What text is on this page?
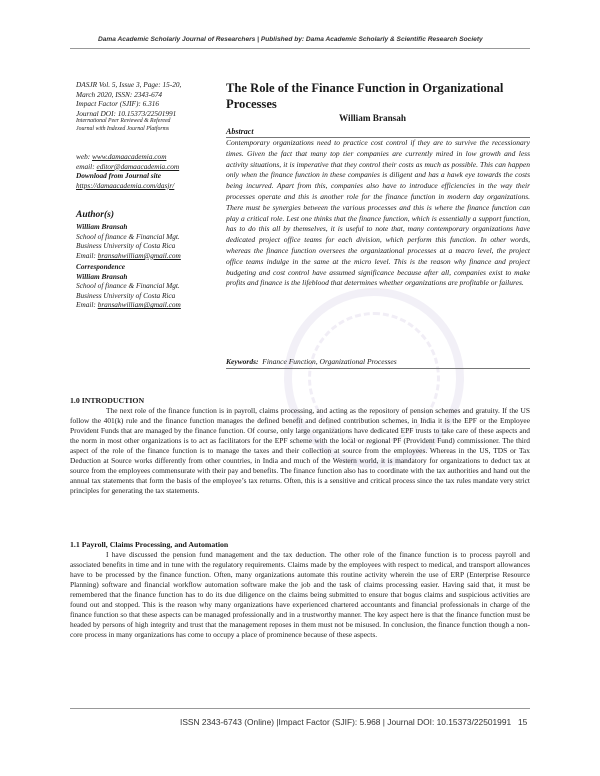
Dama Academic Scholarly Journal of Researchers | Published by: Dama Academic Scholarly & Scientific Research Society
DASJR Vol. 5, Issue 3, Page: 15-20,
March 2020, ISSN: 2343-674
Impact Factor (SJIF): 6.316
Journal DOI: 10.15373/22501991
International Peer Reviewed & Refereed
Journal with Indexed Journal Platforms
web: www.damaacademia.com
email: editor@damaacademia.com
Download from Journal site
https://damaacademia.com/dasjr/
Author(s)
William Bransah
School of finance & Financial Mgt.
Business University of Costa Rica
Email: bransahwilliam@gmail.com
Correspondence
William Bransah
School of finance & Financial Mgt.
Business University of Costa Rica
Email: bransahwilliam@gmail.com
The Role of the Finance Function in Organizational Processes
William Bransah
Abstract
Contemporary organizations need to practice cost control if they are to survive the recessionary times. Given the fact that many top tier companies are currently mired in low growth and less activity situations, it is imperative that they control their costs as much as possible. This can happen only when the finance function in these companies is diligent and has a hawk eye towards the costs being incurred. Apart from this, companies also have to introduce efficiencies in the way their processes operate and this is another role for the finance function in modern day organizations. There must be synergies between the various processes and this is where the finance function can play a critical role. Lest one thinks that the finance function, which is essentially a support function, has to do this all by themselves, it is useful to note that, many contemporary organizations have dedicated project office teams for each division, which perform this function. In other words, whereas the finance function oversees the organizational processes at a macro level, the project office teams indulge in the same at the micro level. This is the reason why finance and project budgeting and cost control have assumed significance because after all, companies exist to make profits and finance is the lifeblood that determines whether organizations are profitable or failures.
Keywords: Finance Function, Organizational Processes
1.0 INTRODUCTION
The next role of the finance function is in payroll, claims processing, and acting as the repository of pension schemes and gratuity. If the US follow the 401(k) rule and the finance function manages the defined benefit and defined contribution schemes, in India it is the EPF or the Employee Provident Funds that are managed by the finance function. Of course, only large organizations have dedicated EPF trusts to take care of these aspects and the norm in most other organizations is to act as facilitators for the EPF scheme with the local or regional PF (Provident Fund) commissioner. The third aspect of the role of the finance function is to manage the taxes and their collection at source from the employees. Whereas in the US, TDS or Tax Deduction at Source works differently from other countries, in India and much of the Western world, it is mandatory for organizations to deduct tax at source from the employees commensurate with their pay and benefits. The finance function also has to coordinate with the tax authorities and hand out the annual tax statements that form the basis of the employee’s tax returns. Often, this is a sensitive and critical process since the tax rules mandate very strict principles for generating the tax statements.
1.1 Payroll, Claims Processing, and Automation
I have discussed the pension fund management and the tax deduction. The other role of the finance function is to process payroll and associated benefits in time and in tune with the regulatory requirements. Claims made by the employees with respect to medical, and transport allowances have to be processed by the finance function. Often, many organizations automate this routine activity wherein the use of ERP (Enterprise Resource Planning) software and financial workflow automation software make the job and the task of claims processing easier. Having said that, it must be remembered that the finance function has to do its due diligence on the claims being submitted to ensure that bogus claims and suspicious activities are found out and stopped. This is the reason why many organizations have experienced chartered accountants and financial professionals in charge of the finance function so that these aspects can be managed professionally and in a trustworthy manner. The key aspect here is that the finance function must be headed by persons of high integrity and trust that the management reposes in them must not be misused. In conclusion, the finance function though a non-core process in many organizations has come to occupy a place of prominence because of these aspects.
ISSN 2343-6743 (Online) |Impact Factor (SJIF): 5.968 | Journal DOI: 10.15373/22501991 15
